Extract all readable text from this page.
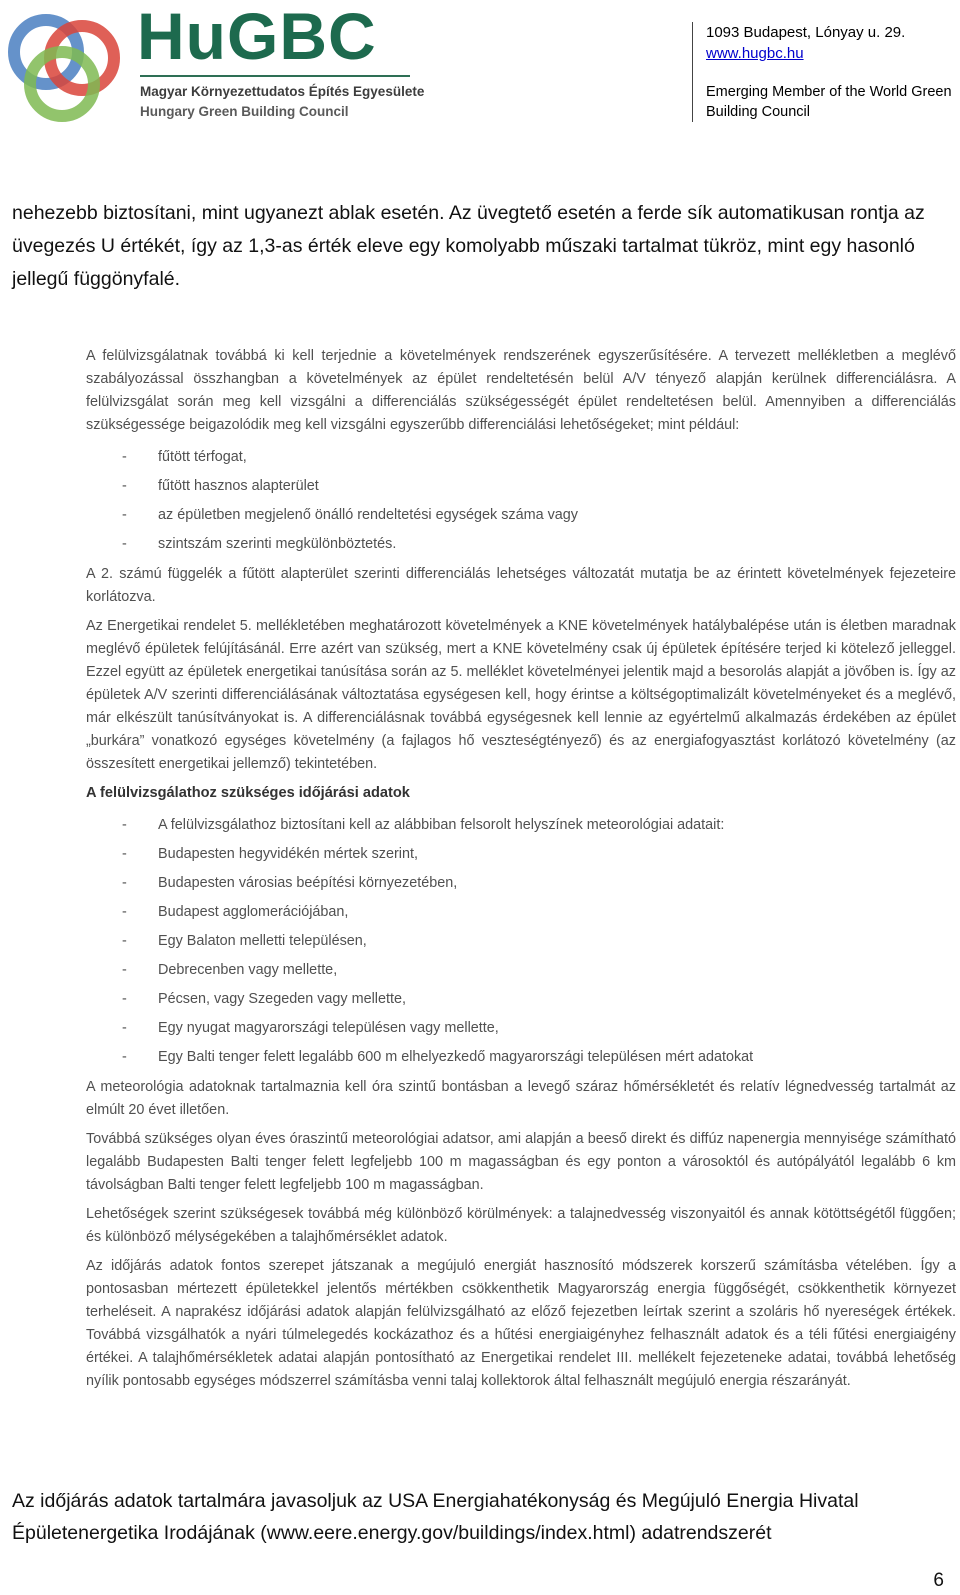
HuGBC
Magyar Környezettudatos Építés Egyesülete
Hungary Green Building Council
1093 Budapest, Lónyay u. 29.
www.hugbc.hu
Emerging Member of the World Green Building Council
nehezebb biztosítani, mint ugyanezt ablak esetén. Az üvegtető esetén a ferde sík automatikusan rontja az üvegezés U értékét, így az 1,3-as érték eleve egy komolyabb műszaki tartalmat tükröz, mint egy hasonló jellegű függönyfalé.

A felülvizsgálatnak továbbá ki kell terjednie a követelmények rendszerének egyszerűsítésére. A tervezett mellékletben a meglévő szabályozással összhangban a követelmények az épület rendeltetésén belül A/V tényező alapján kerülnek differenciálásra. A felülvizsgálat során meg kell vizsgálni a differenciálás szükségességét épület rendeltetésen belül. Amennyiben a differenciálás szükségessége beigazolódik meg kell vizsgálni egyszerűbb differenciálási lehetőségeket; mint például:

- fűtött térfogat,
- fűtött hasznos alapterület
- az épületben megjelenő önálló rendeltetési egységek száma vagy
- szintszám szerinti megkülönböztetés.

A 2. számú függelék a fűtött alapterület szerinti differenciálás lehetséges változatát mutatja be az érintett követelmények fejezeteire korlátozva.

Az Energetikai rendelet 5. mellékletében meghatározott követelmények a KNE követelmények hatálybalépése után is életben maradnak meglévő épületek felújításánál. Erre azért van szükség, mert a KNE követelmény csak új épületek építésére terjed ki kötelező jelleggel. Ezzel együtt az épületek energetikai tanúsítása során az 5. melléklet követelményei jelentik majd a besorolás alapját a jövőben is. Így az épületek A/V szerinti differenciálásának változtatása egységesen kell, hogy érintse a költségoptimalizált követelményeket és a meglévő, már elkészült tanúsítványokat is. A differenciálásnak továbbá egységesnek kell lennie az egyértelmű alkalmazás érdekében az épület „burkára” vonatkozó egységes követelmény (a fajlagos hő veszteségtényező) és az energiafogyasztást korlátozó követelmény (az összesített energetikai jellemző) tekintetében.

A felülvizsgálathoz szükséges időjárási adatok
- A felülvizsgálathoz biztosítani kell az alábbiban felsorolt helyszínek meteorológiai adatait:
- Budapesten hegyvidékén mértek szerint,
- Budapesten városias beépítési környezetében,
- Budapest agglomerációjában,
- Egy Balaton melletti településen,
- Debrecenben vagy mellette,
- Pécsen, vagy Szegeden vagy mellette,
- Egy nyugat magyarországi településen vagy mellette,
- Egy Balti tenger felett legalább 600 m elhelyezkedő magyarországi településen mért adatokat

A meteorológia adatoknak tartalmaznia kell óra szintű bontásban a levegő száraz hőmérsékletét és relatív légnedvesség tartalmát az elmúlt 20 évet illetően.

Továbbá szükséges olyan éves óraszintű meteorológiai adatsor, ami alapján a beeső direkt és diffúz napenergia mennyisége számítható legalább Budapesten Balti tenger felett legfeljebb 100 m magasságban és egy ponton a városoktól és autópályától legalább 6 km távolságban Balti tenger felett legfeljebb 100 m magasságban.

Lehetőségek szerint szükségesek továbbá még különböző körülmények: a talajnedvesség viszonyaitól és annak kötöttségétől függően; és különböző mélységekében a talajhőmérséklet adatok.

Az időjárás adatok fontos szerepet játszanak a megújuló energiát hasznosító módszerek korszerű számításba vételében. Így a pontosasban mértezett épületekkel jelentős mértékben csökkenthetik Magyarország energia függőségét, csökkenthetik környezet terheléseit. A naprakész időjárási adatok alapján felülvizsgálható az előző fejezetben leírtak szerint a szoláris hő nyereségek értékek. Továbbá vizsgálhatók a nyári túlmelegedés kockázathoz és a hűtési energiaigényhez felhasznált adatok és a téli fűtési energiaigény értékei. A talajhőmérsékletek adatai alapján pontosítható az Energetikai rendelet III. mellékelt fejezeteneke adatai, továbbá lehetőség nyílik pontosabb egységes módszerrel számításba venni talaj kollektorok által felhasznált megújuló energia részarányát.

Az időjárás adatok tartalmára javasoljuk az USA Energiahatékonyság és Megújuló Energia Hivatal Épületenergetika Irodájának (www.eere.energy.gov/buildings/index.html) adatrendszerét
6
